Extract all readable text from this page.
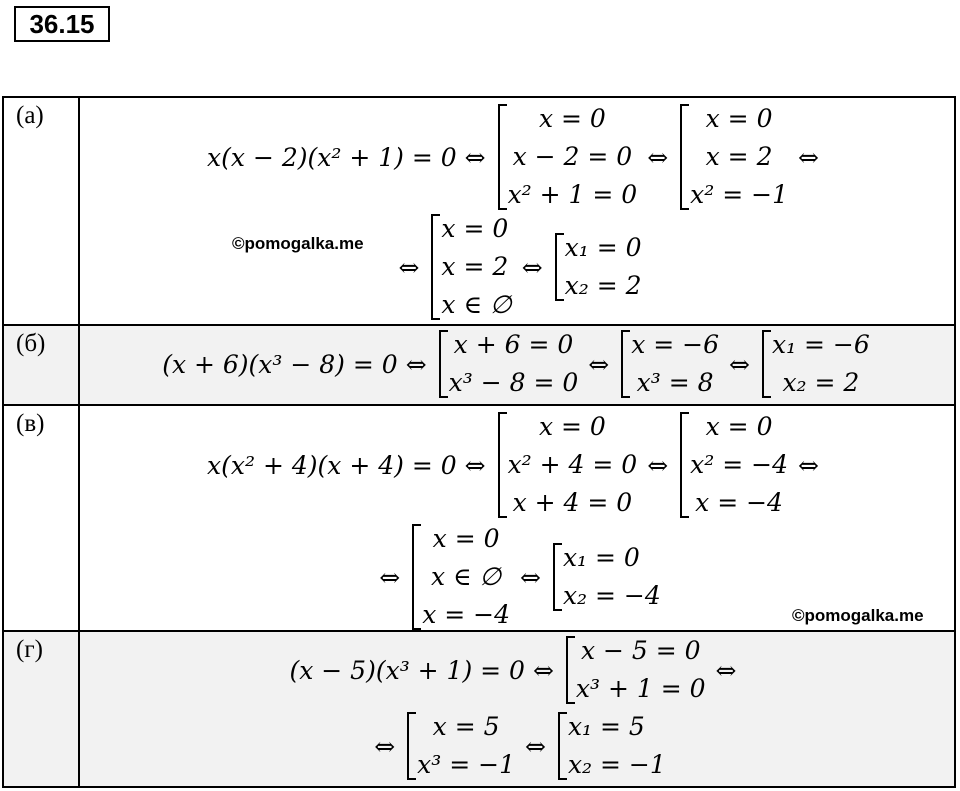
36.15
(а)
x(x − 2)(x² + 1) = 0 ⇔
x = 0
x − 2 = 0
x² + 1 = 0
⇔
x = 0
x = 2
x² = −1
⇔
⇔
x = 0
x = 2
x ∈ ∅
⇔
x₁ = 0
x₂ = 2
©pomogalka.me
(б)
(x + 6)(x³ − 8) = 0 ⇔
x + 6 = 0
x³ − 8 = 0
⇔
x = −6
x³ = 8
⇔
x₁ = −6
x₂ = 2
(в)
x(x² + 4)(x + 4) = 0 ⇔
x = 0
x² + 4 = 0
x + 4 = 0
⇔
x = 0
x² = −4
x = −4
⇔
⇔
x = 0
x ∈ ∅
x = −4
⇔
x₁ = 0
x₂ = −4
©pomogalka.me
(г)
(x − 5)(x³ + 1) = 0 ⇔
x − 5 = 0
x³ + 1 = 0
⇔
⇔
x = 5
x³ = −1
⇔
x₁ = 5
x₂ = −1
